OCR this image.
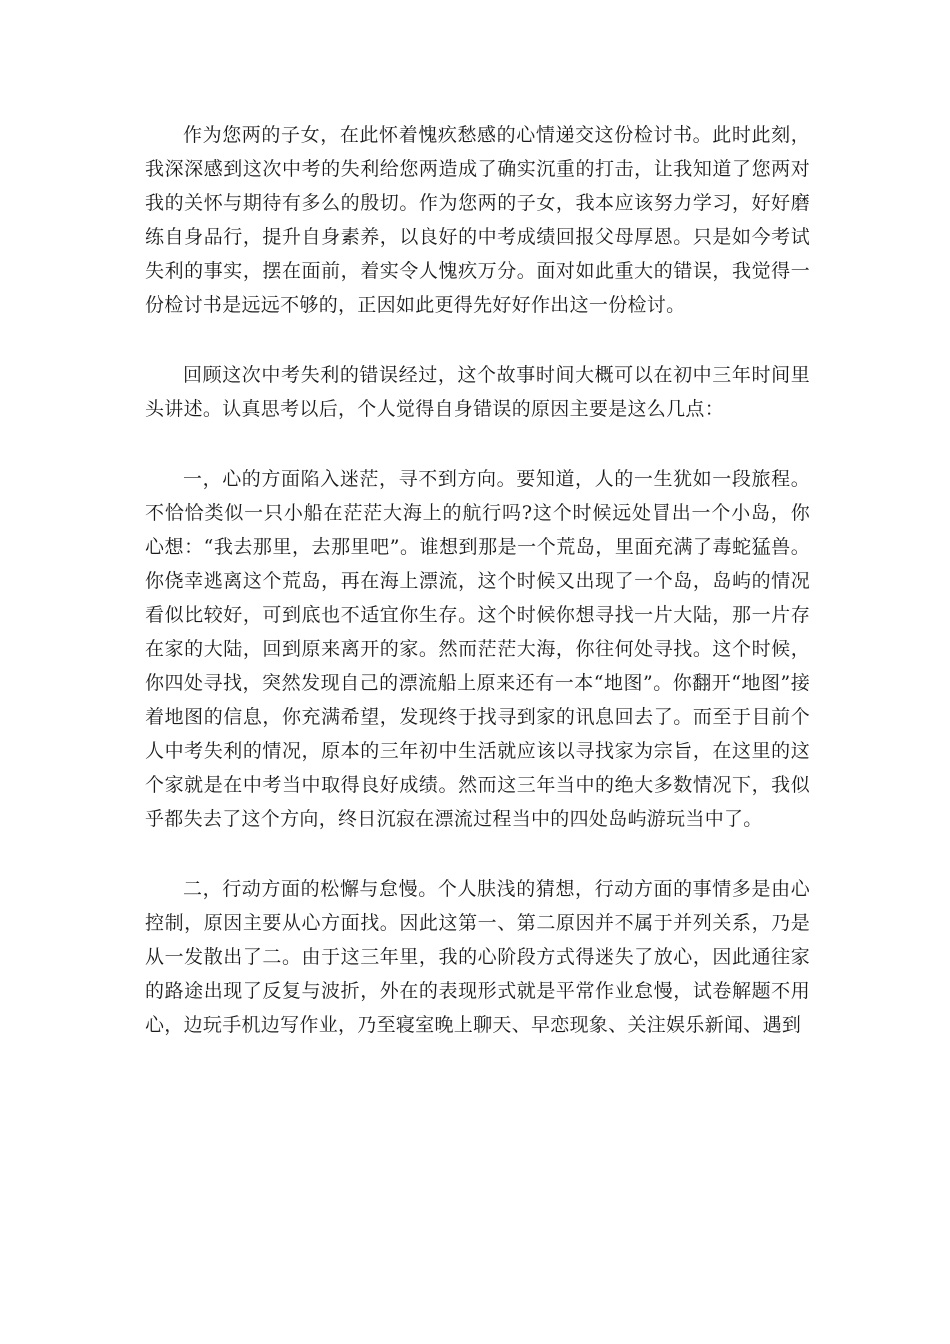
作为您两的子女，在此怀着愧疚愁感的心情递交这份检讨书。此时此刻，我深深感到这次中考的失利给您两造成了确实沉重的打击，让我知道了您两对我的关怀与期待有多么的殷切。作为您两的子女，我本应该努力学习，好好磨练自身品行，提升自身素养，以良好的中考成绩回报父母厚恩。只是如今考试失利的事实，摆在面前，着实令人愧疚万分。面对如此重大的错误，我觉得一份检讨书是远远不够的，正因如此更得先好好作出这一份检讨。

回顾这次中考失利的错误经过，这个故事时间大概可以在初中三年时间里头讲述。认真思考以后，个人觉得自身错误的原因主要是这么几点：

一，心的方面陷入迷茫，寻不到方向。要知道，人的一生犹如一段旅程。不恰恰类似一只小船在茫茫大海上的航行吗?这个时候远处冒出一个小岛，你心想：“我去那里，去那里吧”。谁想到那是一个荒岛，里面充满了毒蛇猛兽。你侥幸逃离这个荒岛，再在海上漂流，这个时候又出现了一个岛，岛屿的情况看似比较好，可到底也不适宜你生存。这个时候你想寻找一片大陆，那一片存在家的大陆，回到原来离开的家。然而茫茫大海，你往何处寻找。这个时候，你四处寻找，突然发现自己的漂流船上原来还有一本“地图”。你翻开“地图”接着地图的信息，你充满希望，发现终于找寻到家的讯息回去了。而至于目前个人中考失利的情况，原本的三年初中生活就应该以寻找家为宗旨，在这里的这个家就是在中考当中取得良好成绩。然而这三年当中的绝大多数情况下，我似乎都失去了这个方向，终日沉寂在漂流过程当中的四处岛屿游玩当中了。

二，行动方面的松懈与怠慢。个人肤浅的猜想，行动方面的事情多是由心控制，原因主要从心方面找。因此这第一、第二原因并不属于并列关系，乃是从一发散出了二。由于这三年里，我的心阶段方式得迷失了放心，因此通往家的路途出现了反复与波折，外在的表现形式就是平常作业怠慢，试卷解题不用心，边玩手机边写作业，乃至寝室晚上聊天、早恋现象、关注娱乐新闻、遇到
